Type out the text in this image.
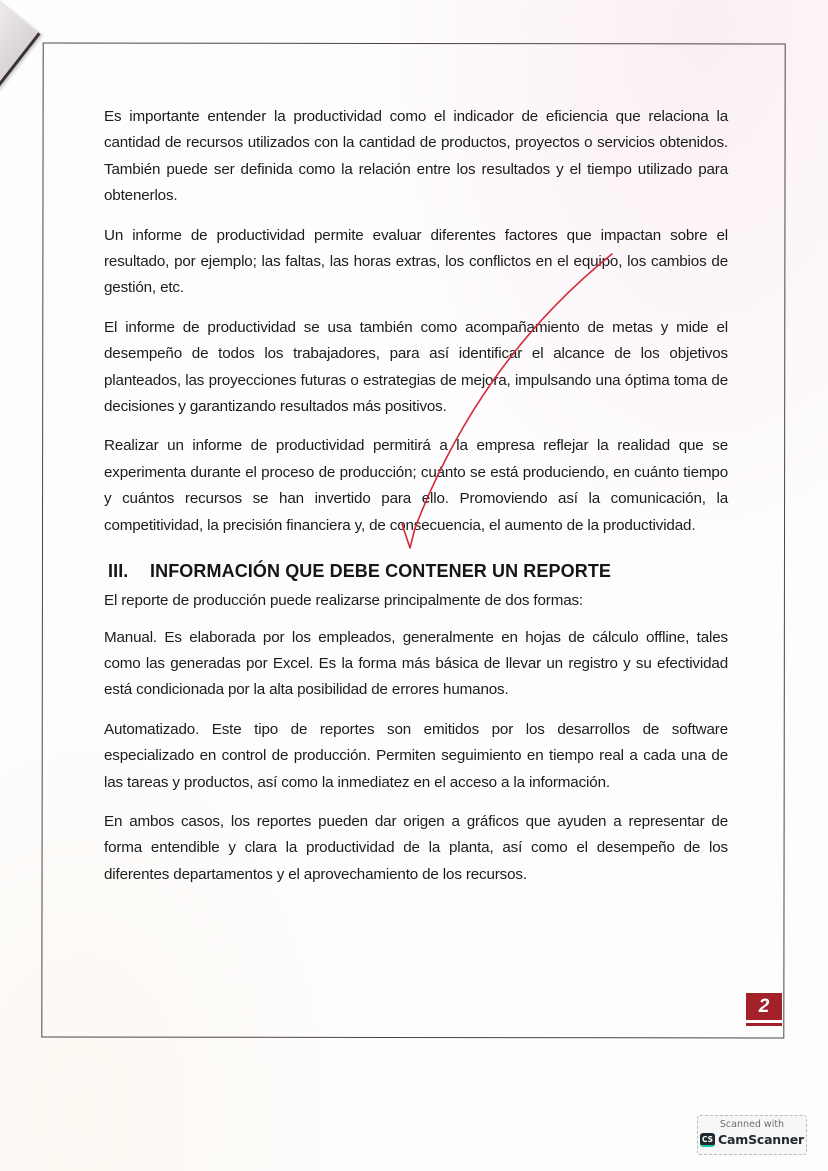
Es importante entender la productividad como el indicador de eficiencia que relaciona la cantidad de recursos utilizados con la cantidad de productos, proyectos o servicios obtenidos. También puede ser definida como la relación entre los resultados y el tiempo utilizado para obtenerlos.

Un informe de productividad permite evaluar diferentes factores que impactan sobre el resultado, por ejemplo; las faltas, las horas extras, los conflictos en el equipo, los cambios de gestión, etc.

El informe de productividad se usa también como acompañamiento de metas y mide el desempeño de todos los trabajadores, para así identificar el alcance de los objetivos planteados, las proyecciones futuras o estrategias de mejora, impulsando una óptima toma de decisiones y garantizando resultados más positivos.

Realizar un informe de productividad permitirá a la empresa reflejar la realidad que se experimenta durante el proceso de producción; cuánto se está produciendo, en cuánto tiempo y cuántos recursos se han invertido para ello. Promoviendo así la comunicación, la competitividad, la precisión financiera y, de consecuencia, el aumento de la productividad.

III.	INFORMACIÓN QUE DEBE CONTENER UN REPORTE

El reporte de producción puede realizarse principalmente de dos formas:

Manual. Es elaborada por los empleados, generalmente en hojas de cálculo offline, tales como las generadas por Excel. Es la forma más básica de llevar un registro y su efectividad está condicionada por la alta posibilidad de errores humanos.

Automatizado. Este tipo de reportes son emitidos por los desarrollos de software especializado en control de producción. Permiten seguimiento en tiempo real a cada una de las tareas y productos, así como la inmediatez en el acceso a la información.

En ambos casos, los reportes pueden dar origen a gráficos que ayuden a representar de forma entendible y clara la productividad de la planta, así como el desempeño de los diferentes departamentos y el aprovechamiento de los recursos.

2
Scanned with
CS CamScanner
